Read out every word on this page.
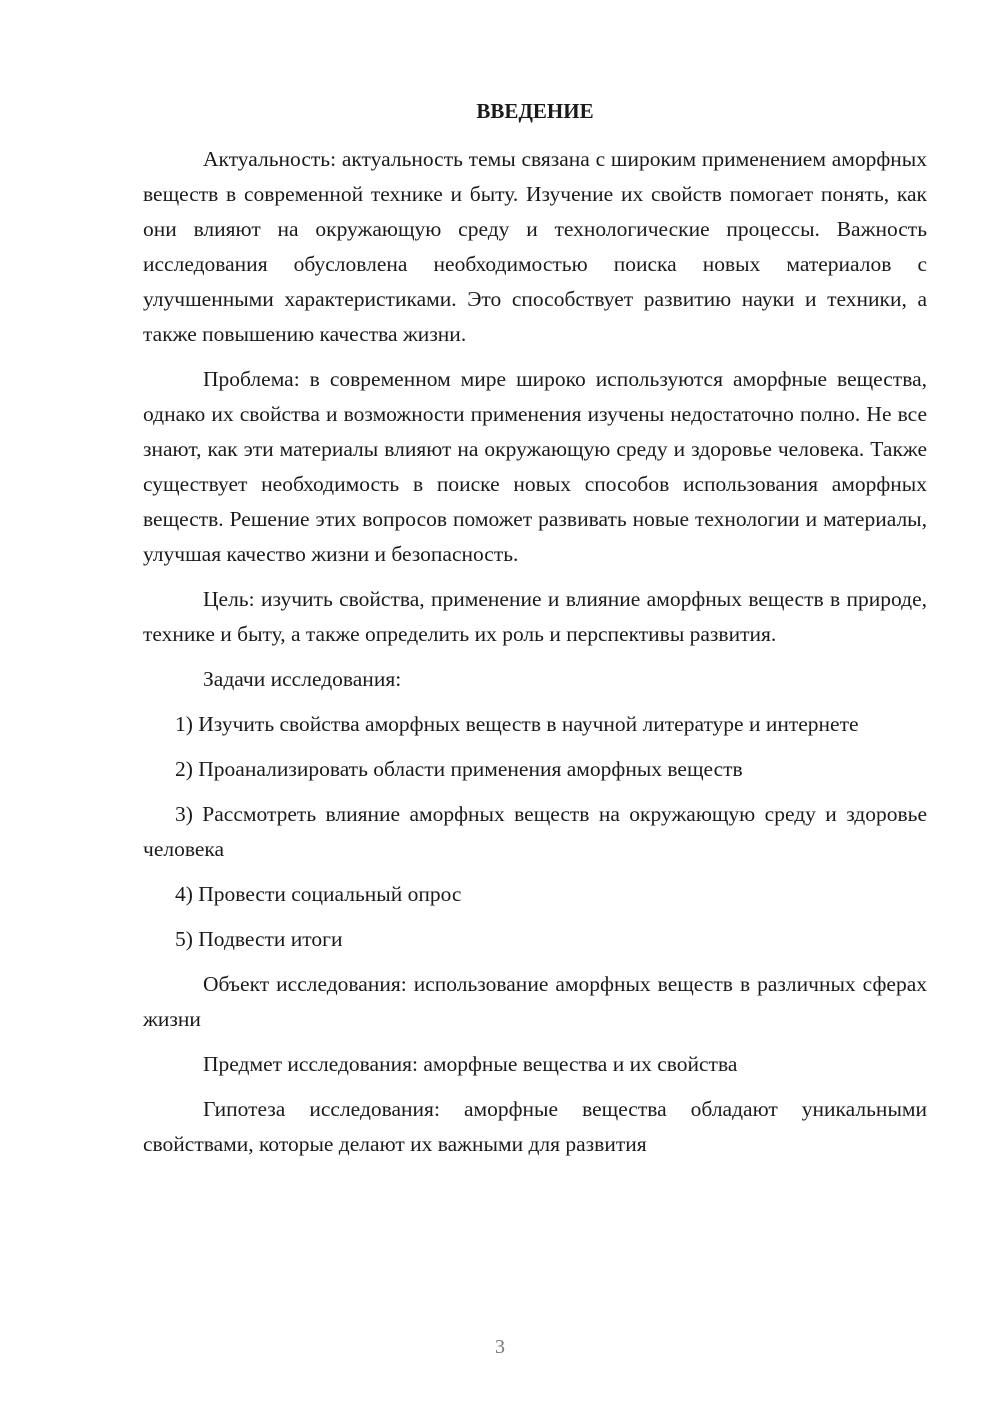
ВВЕДЕНИЕ

Актуальность: актуальность темы связана с широким применением аморфных веществ в современной технике и быту. Изучение их свойств помогает понять, как они влияют на окружающую среду и технологические процессы. Важность исследования обусловлена необходимостью поиска новых материалов с улучшенными характеристиками. Это способствует развитию науки и техники, а также повышению качества жизни.

Проблема: в современном мире широко используются аморфные вещества, однако их свойства и возможности применения изучены недостаточно полно. Не все знают, как эти материалы влияют на окружающую среду и здоровье человека. Также существует необходимость в поиске новых способов использования аморфных веществ. Решение этих вопросов поможет развивать новые технологии и материалы, улучшая качество жизни и безопасность.

Цель: изучить свойства, применение и влияние аморфных веществ в природе, технике и быту, а также определить их роль и перспективы развития.

Задачи исследования:

1) Изучить свойства аморфных веществ в научной литературе и интернете

2) Проанализировать области применения аморфных веществ

3) Рассмотреть влияние аморфных веществ на окружающую среду и здоровье человека

4) Провести социальный опрос

5) Подвести итоги

Объект исследования: использование аморфных веществ в различных сферах жизни

Предмет исследования: аморфные вещества и их свойства

Гипотеза исследования: аморфные вещества обладают уникальными свойствами, которые делают их важными для развития

3
